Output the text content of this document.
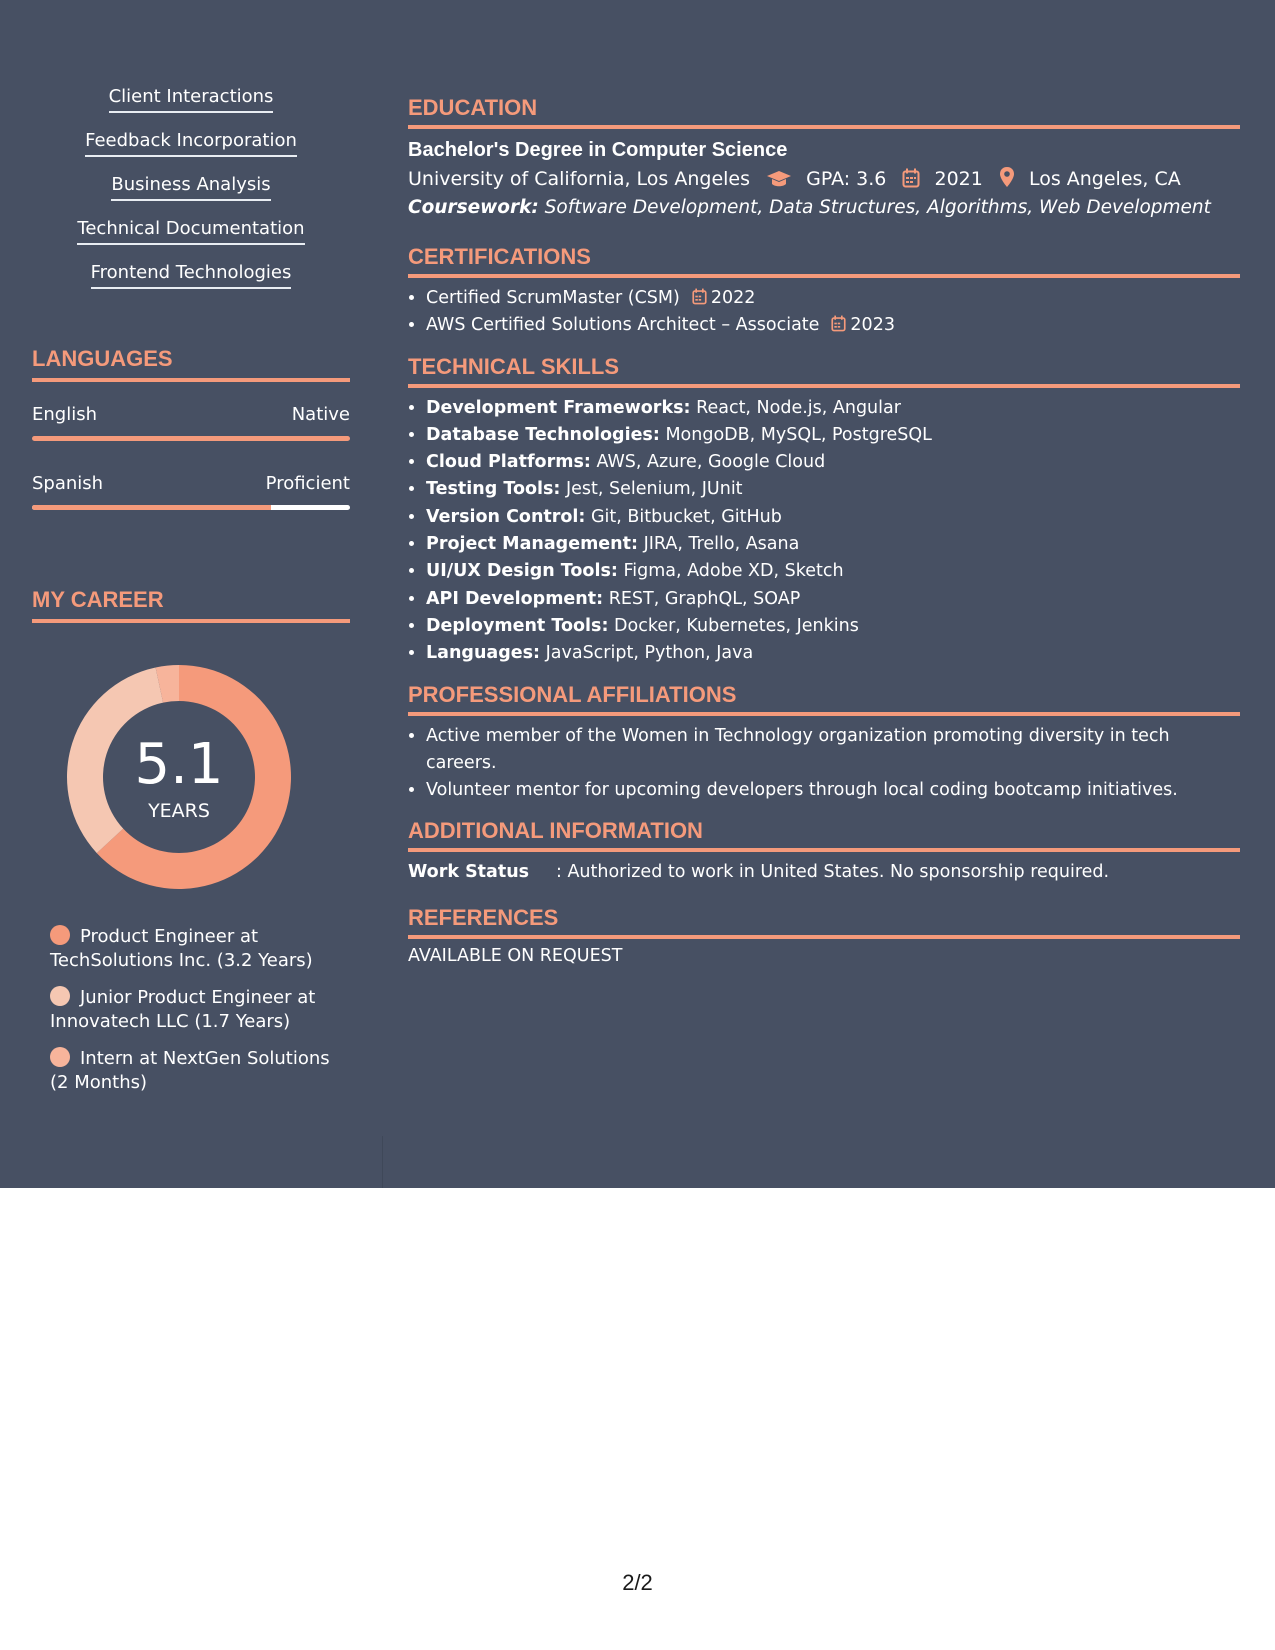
Client Interactions
Feedback Incorporation
Business Analysis
Technical Documentation
Frontend Technologies
LANGUAGES
English	Native
Spanish	Proficient
MY CAREER
5.1
YEARS
Product Engineer at TechSolutions Inc. (3.2 Years)
Junior Product Engineer at Innovatech LLC (1.7 Years)
Intern at NextGen Solutions (2 Months)
EDUCATION
Bachelor's Degree in Computer Science
University of California, Los Angeles	GPA: 3.6	2021 Los Angeles, CA
Coursework: Software Development, Data Structures, Algorithms, Web Development
CERTIFICATIONS
• Certified ScrumMaster (CSM) 2022
• AWS Certified Solutions Architect – Associate 2023
TECHNICAL SKILLS
• Development Frameworks: React, Node.js, Angular
• Database Technologies: MongoDB, MySQL, PostgreSQL
• Cloud Platforms: AWS, Azure, Google Cloud
• Testing Tools: Jest, Selenium, JUnit
• Version Control: Git, Bitbucket, GitHub
• Project Management: JIRA, Trello, Asana
• UI/UX Design Tools: Figma, Adobe XD, Sketch
• API Development: REST, GraphQL, SOAP
• Deployment Tools: Docker, Kubernetes, Jenkins
• Languages: JavaScript, Python, Java
PROFESSIONAL AFFILIATIONS
• Active member of the Women in Technology organization promoting diversity in tech careers.
• Volunteer mentor for upcoming developers through local coding bootcamp initiatives.
ADDITIONAL INFORMATION
Work Status : Authorized to work in United States. No sponsorship required.
REFERENCES
AVAILABLE ON REQUEST
2/2
